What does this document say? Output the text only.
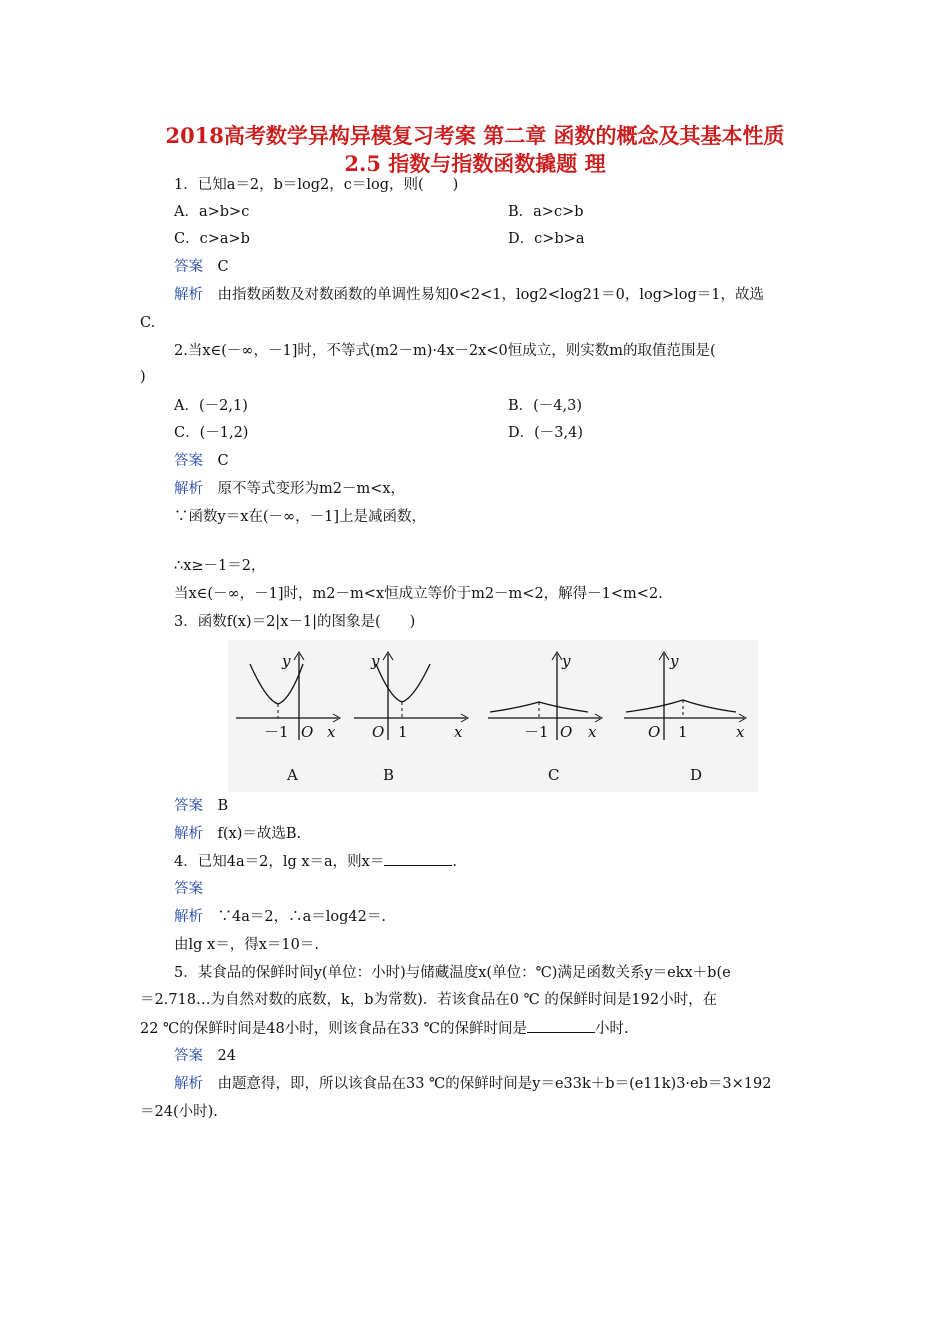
2018高考数学异构异模复习考案 第二章 函数的概念及其基本性质
2.5 指数与指数函数撬题 理
1．已知a＝2，b＝log2，c＝log，则(　　)
A．a>b>c	B．a>c>b
C．c>a>b	D．c>b>a
答案　 C
解析　 由指数函数及对数函数的单调性易知0<2<1，log2<log21＝0，log>log＝1，故选
C.
2.当x∈(－∞，－1]时，不等式(m2－m)·4x－2x<0恒成立，则实数m的取值范围是(
)
A．(－2,1)	B．(－4,3)
C．(－1,2)	D．(－3,4)
答案　 C
解析　 原不等式变形为m2－m<x，
∵函数y＝x在(－∞，－1]上是减函数，
∴x≥－1＝2，
当x∈(－∞，－1]时，m2－m<x恒成立等价于m2－m<2，解得－1<m<2.
3．函数f(x)＝2|x－1|的图象是(　　)
y
－1 O x
A
y
O 1	x
B
y
－1 O x
C
y
O 1	x
D
答案　 B
解析　 f(x)＝故选B.
4．已知4a＝2，lg x＝a，则x＝	.
答案
解析　 ∵4a＝2，∴a＝log42＝.
由lg x＝，得x＝10＝.
5．某食品的保鲜时间y(单位：小时)与储藏温度x(单位：℃)满足函数关系y＝ekx＋b(e
＝2.718…为自然对数的底数，k，b为常数)．若该食品在0 ℃ 的保鲜时间是192小时，在
22 ℃的保鲜时间是48小时，则该食品在33 ℃的保鲜时间是	小时.
答案　 24
解析　 由题意得，即，所以该食品在33 ℃的保鲜时间是y＝e33k＋b＝(e11k)3·eb＝3×192
＝24(小时).
